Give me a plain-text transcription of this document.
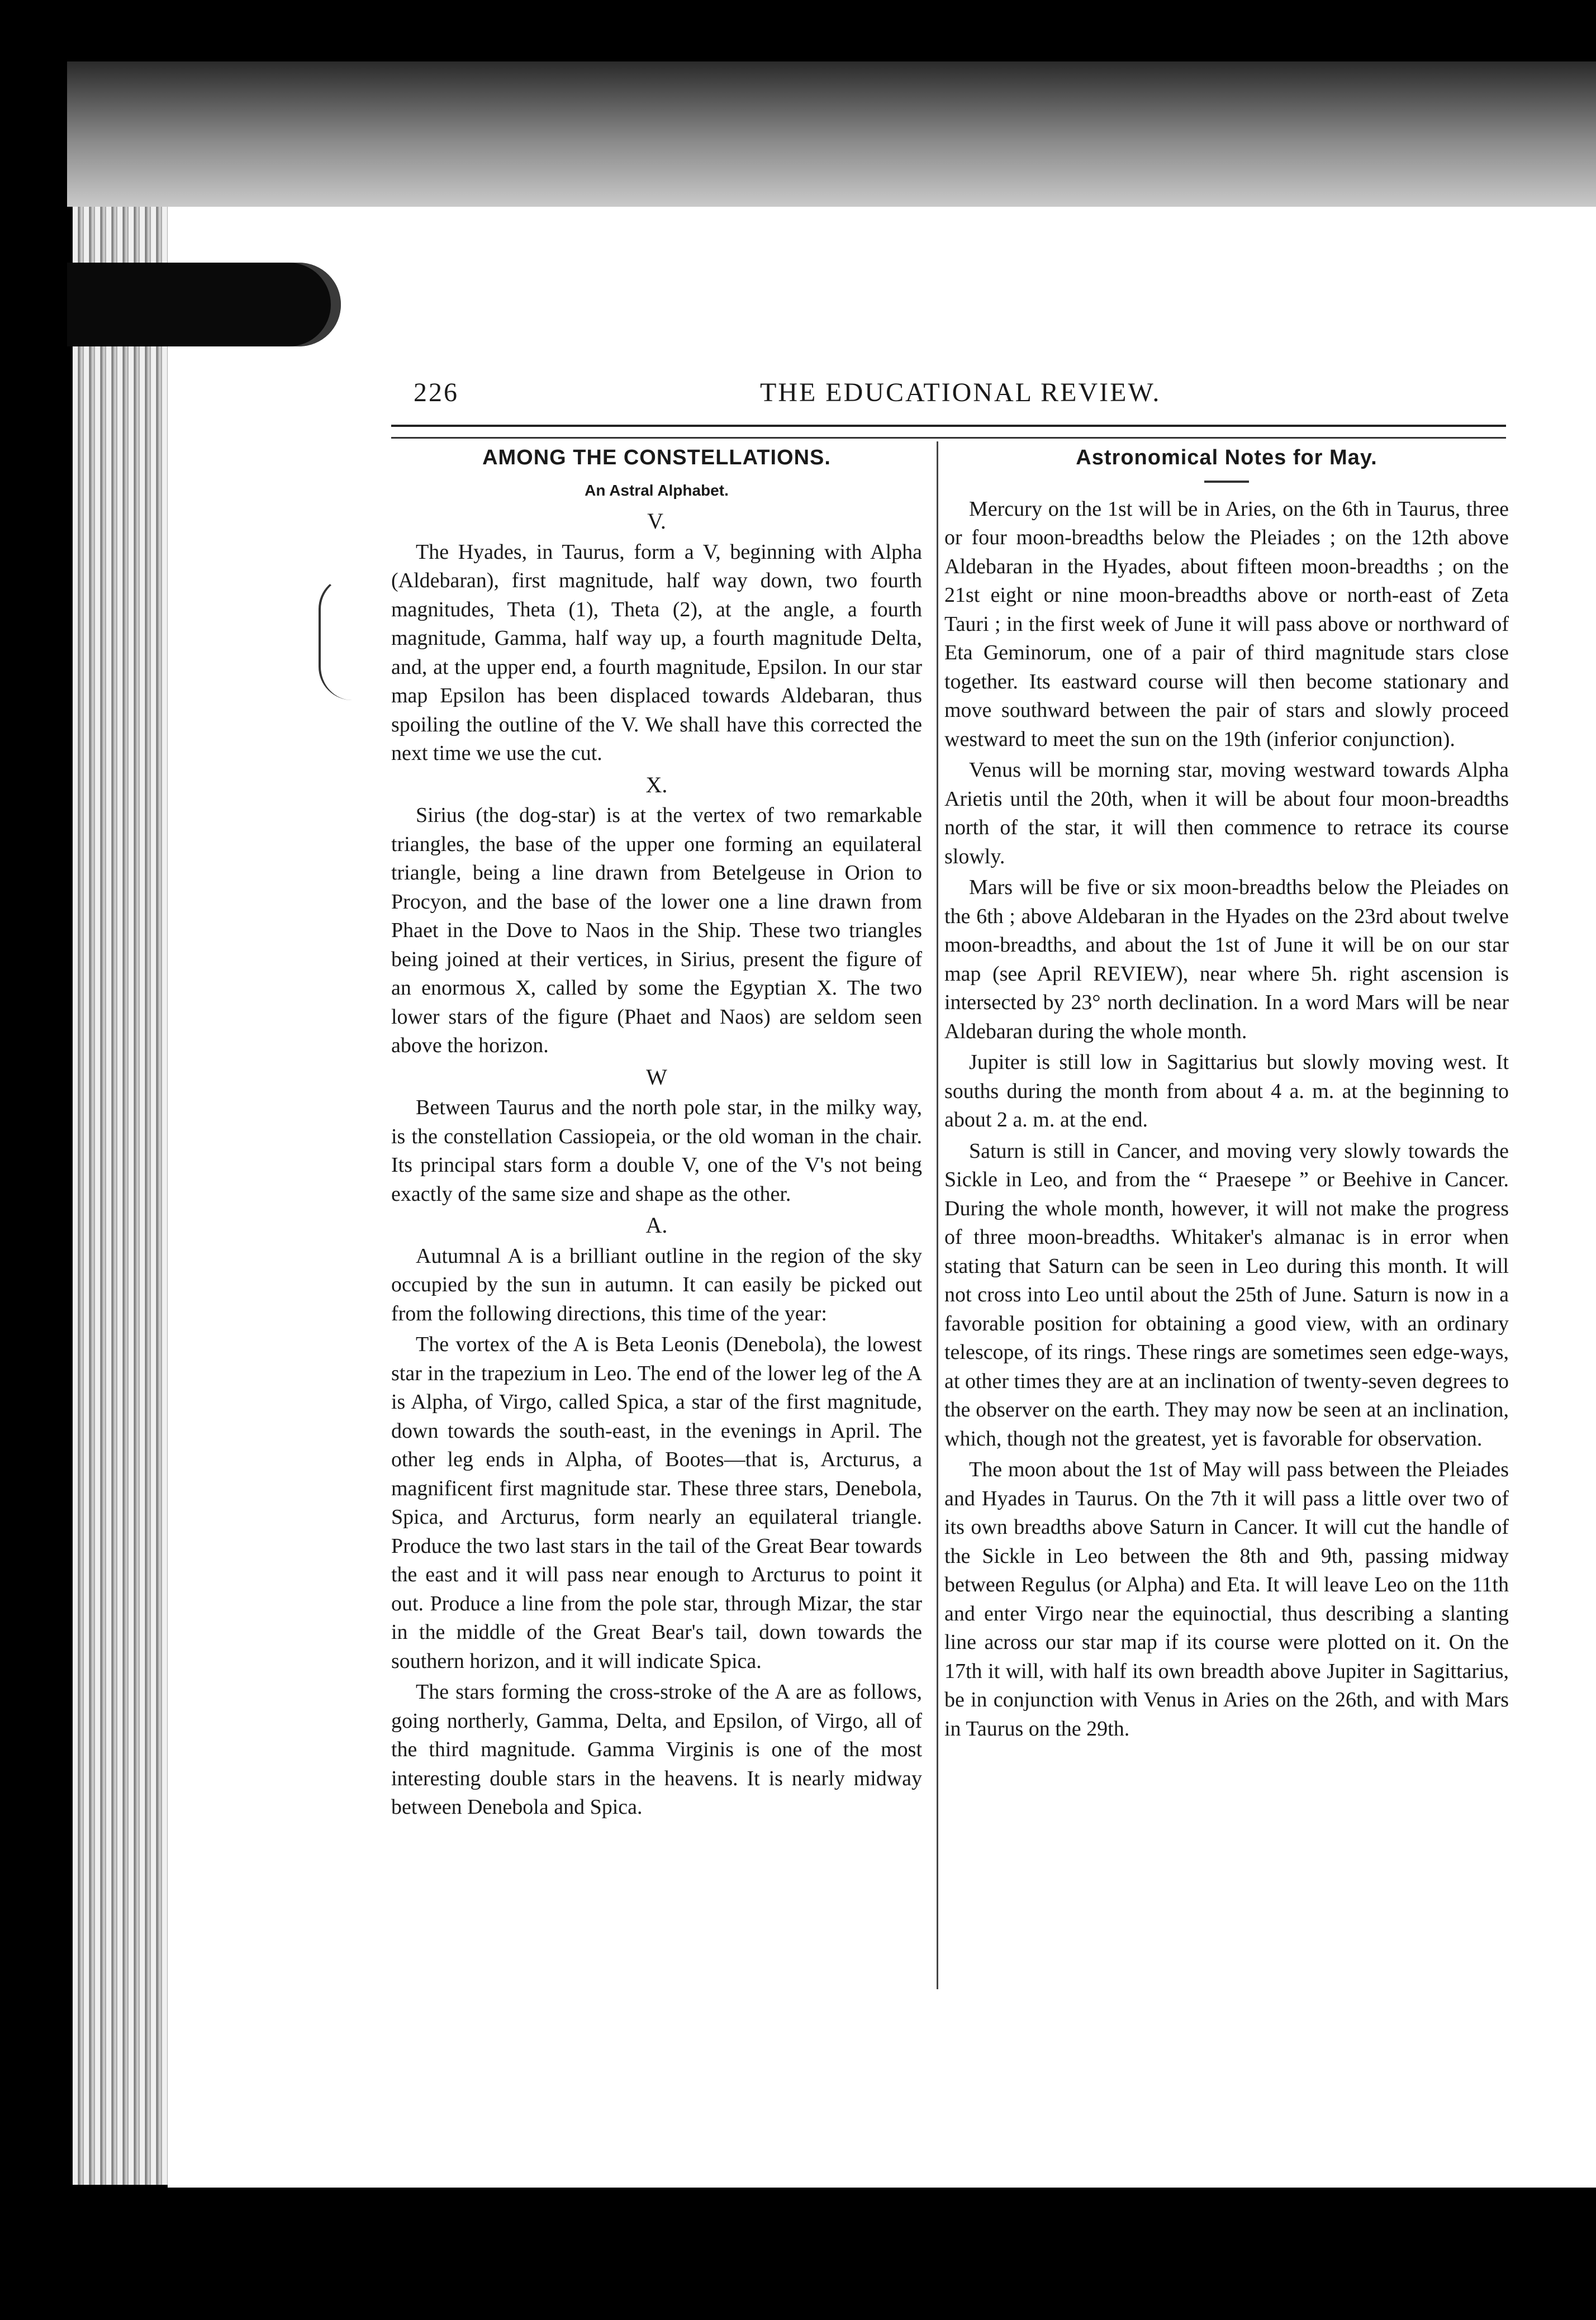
226	THE EDUCATIONAL REVIEW.
AMONG THE CONSTELLATIONS.
An Astral Alphabet.
V.

The Hyades, in Taurus, form a V, beginning with Alpha (Aldebaran), first magnitude, half way down, two fourth magnitudes, Theta (1), Theta (2), at the angle, a fourth magnitude, Gamma, half way up, a fourth magnitude Delta, and, at the upper end, a fourth magnitude, Epsilon. In our star map Epsilon has been displaced towards Aldebaran, thus spoiling the outline of the V. We shall have this corrected the next time we use the cut.

X.

Sirius (the dog-star) is at the vertex of two remarkable triangles, the base of the upper one forming an equilateral triangle, being a line drawn from Betelgeuse in Orion to Procyon, and the base of the lower one a line drawn from Phaet in the Dove to Naos in the Ship. These two triangles being joined at their vertices, in Sirius, present the figure of an enormous X, called by some the Egyptian X. The two lower stars of the figure (Phaet and Naos) are seldom seen above the horizon.

W

Between Taurus and the north pole star, in the milky way, is the constellation Cassiopeia, or the old woman in the chair. Its principal stars form a double V, one of the V's not being exactly of the same size and shape as the other.

A.

Autumnal A is a brilliant outline in the region of the sky occupied by the sun in autumn. It can easily be picked out from the following directions, this time of the year:

The vortex of the A is Beta Leonis (Denebola), the lowest star in the trapezium in Leo. The end of the lower leg of the A is Alpha, of Virgo, called Spica, a star of the first magnitude, down towards the south-east, in the evenings in April. The other leg ends in Alpha, of Bootes—that is, Arcturus, a magnificent first magnitude star. These three stars, Denebola, Spica, and Arcturus, form nearly an equilateral triangle. Produce the two last stars in the tail of the Great Bear towards the east and it will pass near enough to Arcturus to point it out. Produce a line from the pole star, through Mizar, the star in the middle of the Great Bear's tail, down towards the southern horizon, and it will indicate Spica.

The stars forming the cross-stroke of the A are as follows, going northerly, Gamma, Delta, and Epsilon, of Virgo, all of the third magnitude. Gamma Virginis is one of the most interesting double stars in the heavens. It is nearly midway between Denebola and Spica.

Astronomical Notes for May.

Mercury on the 1st will be in Aries, on the 6th in Taurus, three or four moon-breadths below the Pleiades ; on the 12th above Aldebaran in the Hyades, about fifteen moon-breadths ; on the 21st eight or nine moon-breadths above or north-east of Zeta Tauri ; in the first week of June it will pass above or northward of Eta Geminorum, one of a pair of third magnitude stars close together. Its eastward course will then become stationary and move southward between the pair of stars and slowly proceed westward to meet the sun on the 19th (inferior conjunction).

Venus will be morning star, moving westward towards Alpha Arietis until the 20th, when it will be about four moon-breadths north of the star, it will then commence to retrace its course slowly.

Mars will be five or six moon-breadths below the Pleiades on the 6th ; above Aldebaran in the Hyades on the 23rd about twelve moon-breadths, and about the 1st of June it will be on our star map (see April REVIEW), near where 5h. right ascension is intersected by 23° north declination. In a word Mars will be near Aldebaran during the whole month.

Jupiter is still low in Sagittarius but slowly moving west. It souths during the month from about 4 a. m. at the beginning to about 2 a. m. at the end.

Saturn is still in Cancer, and moving very slowly towards the Sickle in Leo, and from the “ Praesepe ” or Beehive in Cancer. During the whole month, however, it will not make the progress of three moon-breadths. Whitaker's almanac is in error when stating that Saturn can be seen in Leo during this month. It will not cross into Leo until about the 25th of June. Saturn is now in a favorable position for obtaining a good view, with an ordinary telescope, of its rings. These rings are sometimes seen edge-ways, at other times they are at an inclination of twenty-seven degrees to the observer on the earth. They may now be seen at an inclination, which, though not the greatest, yet is favorable for observation.

The moon about the 1st of May will pass between the Pleiades and Hyades in Taurus. On the 7th it will pass a little over two of its own breadths above Saturn in Cancer. It will cut the handle of the Sickle in Leo between the 8th and 9th, passing midway between Regulus (or Alpha) and Eta. It will leave Leo on the 11th and enter Virgo near the equinoctial, thus describing a slanting line across our star map if its course were plotted on it. On the 17th it will, with half its own breadth above Jupiter in Sagittarius, be in conjunction with Venus in Aries on the 26th, and with Mars in Taurus on the 29th.
